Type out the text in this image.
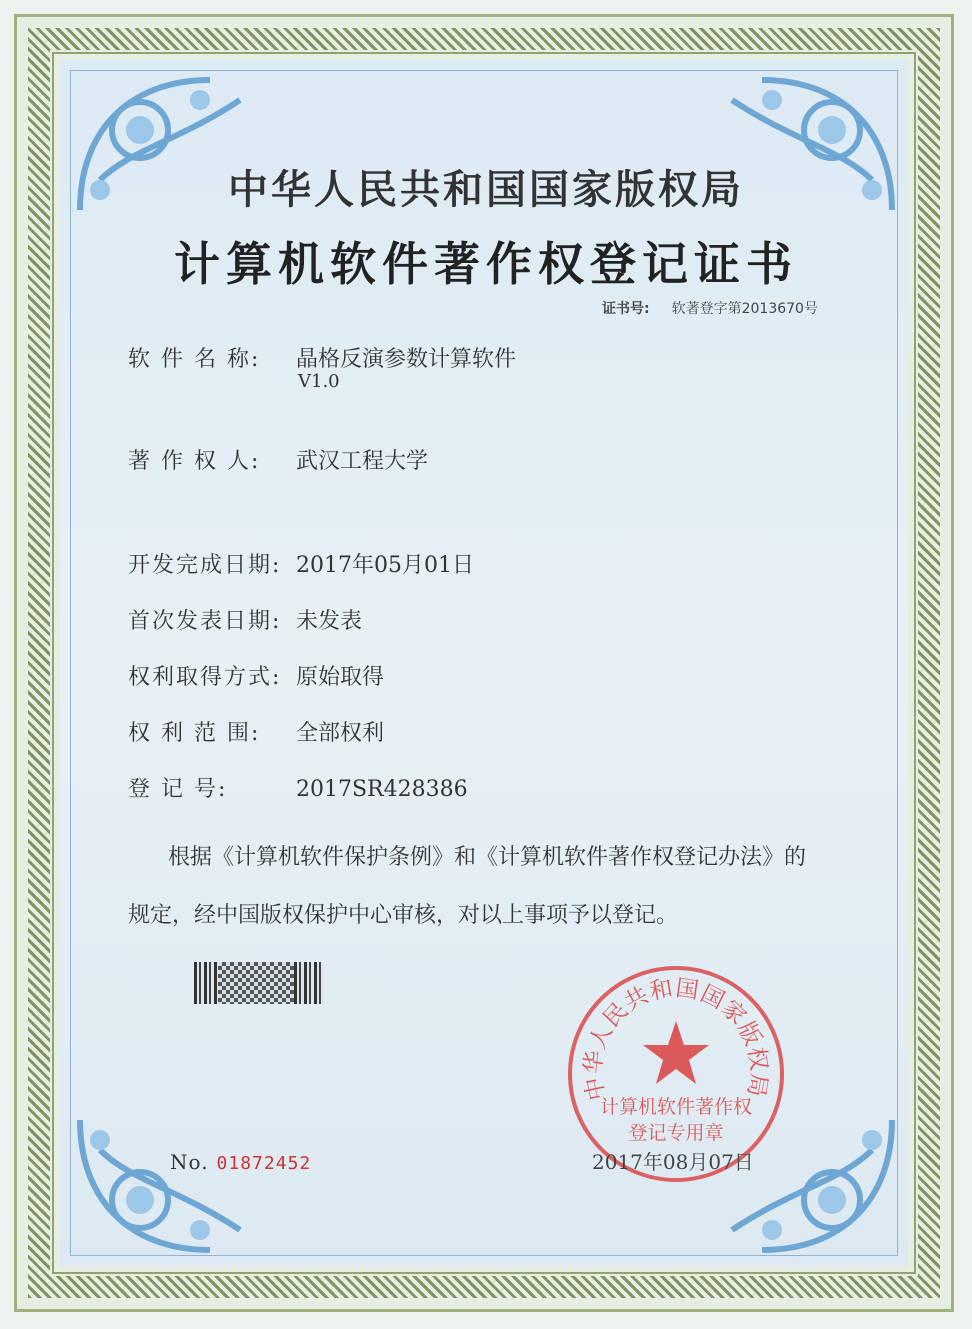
中华人民共和国国家版权局
计算机软件著作权登记证书
证书号: 软著登字第2013670号
软 件 名 称: 晶格反演参数计算软件
V1.0
著 作 权 人: 武汉工程大学
开发完成日期: 2017年05月01日
首次发表日期: 未发表
权利取得方式: 原始取得
权 利 范 围: 全部权利
登 记 号:	2017SR428386
根据《计算机软件保护条例》和《计算机软件著作权登记办法》的
规定，经中国版权保护中心审核，对以上事项予以登记。
No. 01872452
中华人民共和国国家版权局
计算机软件著作权
登记专用章
2017年08月07日
